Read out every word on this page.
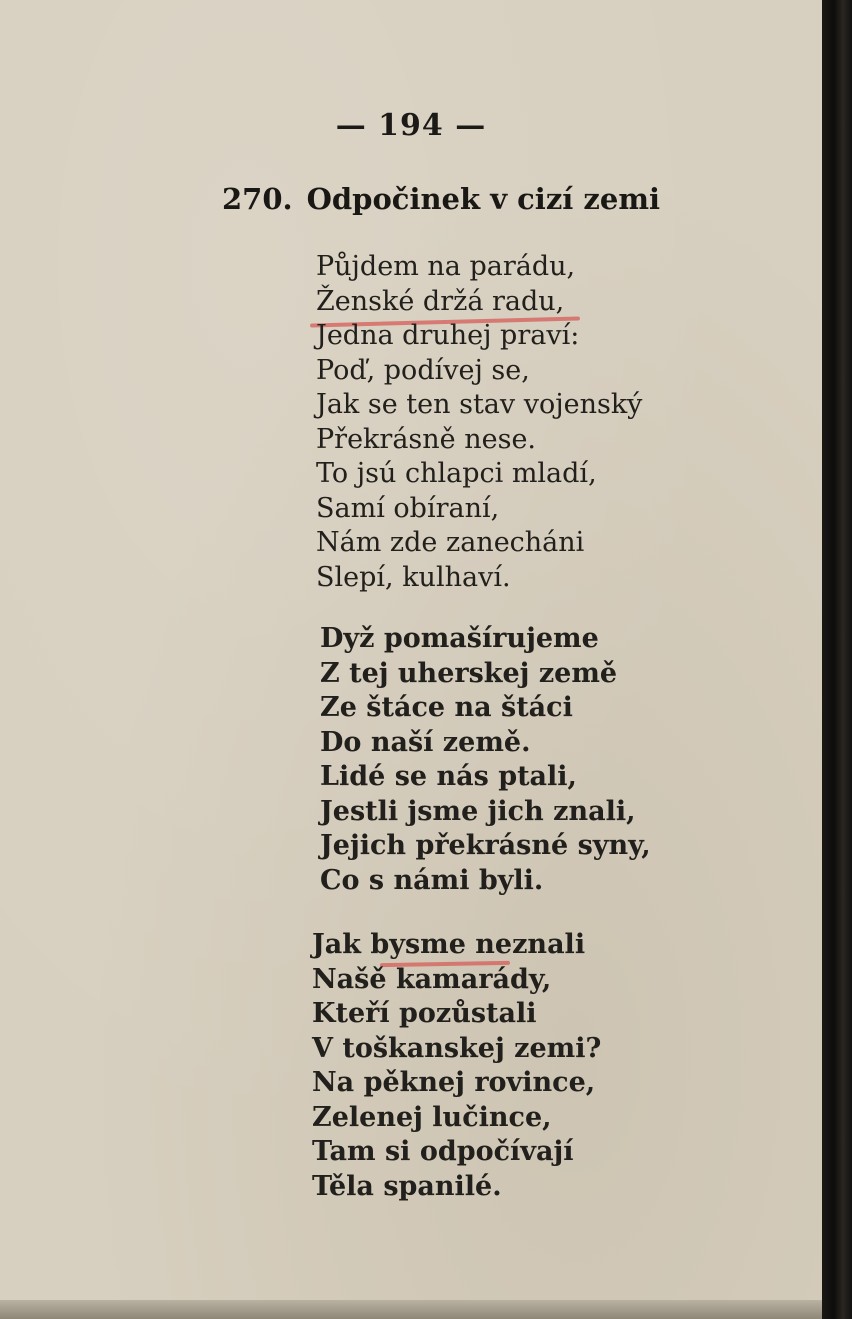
— 194 —
270. Odpočinek v cizí zemi
Půjdem na parádu,
Ženské držá radu,
Jedna druhej praví:
Poď, podívej se,
Jak se ten stav vojenský
Překrásně nese.
To jsú chlapci mladí,
Samí obíraní,
Nám zde zanecháni
Slepí, kulhaví.
Dyž pomašírujeme
Z tej uherskej země
Ze štáce na štáci
Do naší země.
Lidé se nás ptali,
Jestli jsme jich znali,
Jejich překrásné syny,
Co s námi byli.
Jak bysme neznali
Našě kamarády,
Kteří pozůstali
V toškanskej zemi?
Na pěknej rovince,
Zelenej lučince,
Tam si odpočívají
Těla spanilé.
